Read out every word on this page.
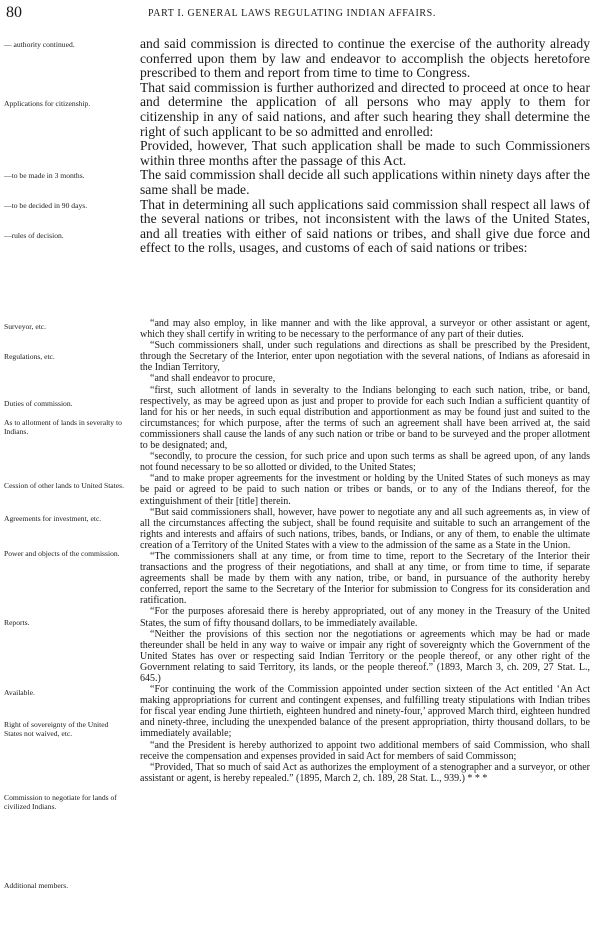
80	PART I. GENERAL LAWS REGULATING INDIAN AFFAIRS.
— authority continued.
Applications for citizenship.
—to be made in 3 months.
—to be decided in 90 days.
—rules of decision.
Surveyor, etc.
Regulations, etc.
Duties of commission.
As to allotment of lands in severalty to Indians.
Cession of other lands to United States.
Agreements for investment, etc.
Power and objects of the commission.
Reports.
Available.
Right of sovereignty of the United States not waived, etc.
Commission to negotiate for lands of civilized Indians.
Additional members.

and said commission is directed to continue the exercise of the authority already conferred upon them by law and endeavor to accomplish the objects heretofore prescribed to them and report from time to time to Congress.

That said commission is further authorized and directed to proceed at once to hear and determine the application of all persons who may apply to them for citizenship in any of said nations, and after such hearing they shall determine the right of such applicant to be so admitted and enrolled:

Provided, however, That such application shall be made to such Commissioners within three months after the passage of this Act.

The said commission shall decide all such applications within ninety days after the same shall be made.

That in determining all such applications said commission shall respect all laws of the several nations or tribes, not inconsistent with the laws of the United States, and all treaties with either of said nations or tribes, and shall give due force and effect to the rolls, usages, and customs of each of said nations or tribes:

“and may also employ, in like manner and with the like approval, a surveyor or other assistant or agent, which they shall certify in writing to be necessary to the performance of any part of their duties.

“Such commissioners shall, under such regulations and directions as shall be prescribed by the President, through the Secretary of the Interior, enter upon negotiation with the several nations, of Indians as aforesaid in the Indian Territory,

“and shall endeavor to procure,

“first, such allotment of lands in severalty to the Indians belonging to each such nation, tribe, or band, respectively, as may be agreed upon as just and proper to provide for each such Indian a sufficient quantity of land for his or her needs, in such equal distribution and apportionment as may be found just and suited to the circumstances; for which purpose, after the terms of such an agreement shall have been arrived at, the said commissioners shall cause the lands of any such nation or tribe or band to be surveyed and the proper allotment to be designated; and,

“secondly, to procure the cession, for such price and upon such terms as shall be agreed upon, of any lands not found necessary to be so allotted or divided, to the United States;

“and to make proper agreements for the investment or holding by the United States of such moneys as may be paid or agreed to be paid to such nation or tribes or bands, or to any of the Indians thereof, for the extinguishment of their [title] therein.

“But said commissioners shall, however, have power to negotiate any and all such agreements as, in view of all the circumstances affecting the subject, shall be found requisite and suitable to such an arrangement of the rights and interests and affairs of such nations, tribes, bands, or Indians, or any of them, to enable the ultimate creation of a Territory of the United States with a view to the admission of the same as a State in the Union.

“The commissioners shall at any time, or from time to time, report to the Secretary of the Interior their transactions and the progress of their negotiations, and shall at any time, or from time to time, if separate agreements shall be made by them with any nation, tribe, or band, in pursuance of the authority hereby conferred, report the same to the Secretary of the Interior for submission to Congress for its consideration and ratification.

“For the purposes aforesaid there is hereby appropriated, out of any money in the Treasury of the United States, the sum of fifty thousand dollars, to be immediately available.

“Neither the provisions of this section nor the negotiations or agreements which may be had or made thereunder shall be held in any way to waive or impair any right of sovereignty which the Government of the United States has over or respecting said Indian Territory or the people thereof, or any other right of the Government relating to said Territory, its lands, or the people thereof.” (1893, March 3, ch. 209, 27 Stat. L., 645.)

“For continuing the work of the Commission appointed under section sixteen of the Act entitled ‘An Act making appropriations for current and contingent expenses, and fulfilling treaty stipulations with Indian tribes for fiscal year ending June thirtieth, eighteen hundred and ninety-four,’ approved March third, eighteen hundred and ninety-three, including the unexpended balance of the present appropriation, thirty thousand dollars, to be immediately available;

“and the President is hereby authorized to appoint two additional members of said Commission, who shall receive the compensation and expenses provided in said Act for members of said Commisson;

“Provided, That so much of said Act as authorizes the employment of a stenographer and a surveyor, or other assistant or agent, is hereby repealed.” (1895, March 2, ch. 189, 28 Stat. L., 939.) * * *
